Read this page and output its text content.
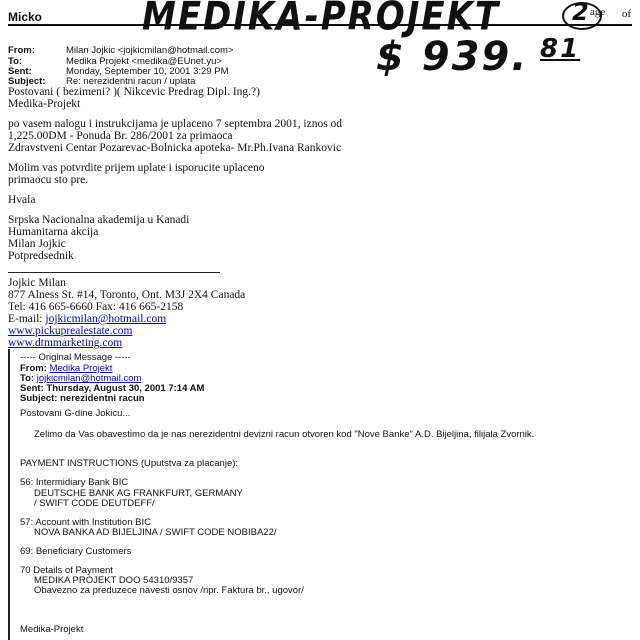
Micko	MEDIKA-PROJEKT
$ 939. 81
2 age of
From:	Milan Jojkic <jojkicmilan@hotmail.com>
To:	Medika Projekt <medika@EUnet.yu>
Sent:	Monday, September 10, 2001 3:29 PM
Subject: Re: nerezidentni racun / uplata
Postovani ( bezimeni? )( Nikcevic Predrag Dipl. Ing.?)
Medika-Projekt
po vasem nalogu i instrukcijama je uplaceno 7 septembra 2001, iznos od
1,225.00DM - Ponuda Br. 286/2001 za primaoca
Zdravstveni Centar Pozarevac-Bolnicka apoteka- Mr.Ph.Ivana Rankovic
Molim vas potvrdite prijem uplate i isporucite uplaceno
primaocu sto pre.
Hvala
Srpska Nacionalna akademija u Kanadi
Humanitarna akcija
Milan Jojkic
Potpredsednik
Jojkic Milan
877 Alness St. #14, Toronto, Ont. M3J 2X4 Canada
Tel: 416 665-6660 Fax: 416 665-2158
E-mail: jojkicmilan@hotmail.com
www.pickuprealestate.com
www.dtmmarketing.com
----- Original Message -----
From: Medika Projekt
To: jojkicmilan@hotmail.com
Sent: Thursday, August 30, 2001 7:14 AM
Subject: nerezidentni racun
Postovani G-dine Jokicu...
Zelimo da Vas obavestimo da je nas nerezidentni devizni racun otvoren kod "Nove Banke" A.D. Bijeljina, filijala Zvornik.
PAYMENT INSTRUCTIONS (Uputstva za placanje):
56: Intermidiary Bank BIC
DEUTSCHE BANK AG FRANKFURT, GERMANY
/ SWIFT CODE DEUTDEFF/
57: Account with Institution BIC
NOVA BANKA AD BIJELJINA / SWIFT CODE NOBIBA22/
69: Beneficiary Customers
70 Details of Payment
MEDIKA PROJEKT DOO 54310/9357
Obavezno za preduzece navesti osnov /npr. Faktura br., ugovor/
Medika-Projekt
